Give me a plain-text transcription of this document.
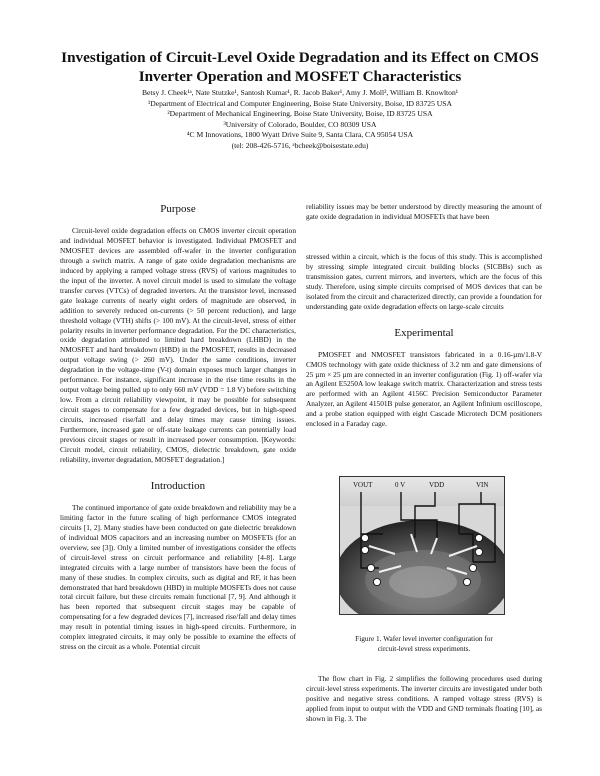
Investigation of Circuit-Level Oxide Degradation and its Effect on CMOS
Inverter Operation and MOSFET Characteristics
Betsy J. Cheek¹ᵃ, Nate Stutzke¹, Santosh Kumar¹, R. Jacob Baker¹, Amy J. Moll², William B. Knowlton¹
¹Department of Electrical and Computer Engineering, Boise State University, Boise, ID 83725 USA
²Department of Mechanical Engineering, Boise State University, Boise, ID 83725 USA
³University of Colorado, Boulder, CO 80309 USA
⁴C M Innovations, 1800 Wyatt Drive Suite 9, Santa Clara, CA 95054 USA
(tel: 208-426-5716, ᵃbcheek@boisestate.edu)
Purpose

Circuit-level oxide degradation effects on CMOS inverter circuit operation and individual MOSFET behavior is investigated. Individual PMOSFET and NMOSFET devices are assembled off-wafer in the inverter configuration through a switch matrix. A range of gate oxide degradation mechanisms are induced by applying a ramped voltage stress (RVS) of various magnitudes to the input of the inverter. A novel circuit model is used to simulate the voltage transfer curves (VTCs) of degraded inverters. At the transistor level, increased gate leakage currents of nearly eight orders of magnitude are observed, in addition to severely reduced on-currents (> 50 percent reduction), and large threshold voltage (VTH) shifts (> 100 mV). At the circuit-level, stress of either polarity results in inverter performance degradation. For the DC characteristics, oxide degradation attributed to limited hard breakdown (LHBD) in the NMOSFET and hard breakdown (HBD) in the PMOSFET, results in decreased output voltage swing (> 260 mV). Under the same conditions, inverter degradation in the voltage-time (V-t) domain exposes much larger changes in performance. For instance, significant increase in the rise time results in the output voltage being pulled up to only 660 mV (VDD = 1.8 V) before switching low. From a circuit reliability viewpoint, it may be possible for subsequent circuit stages to compensate for a few degraded devices, but in high-speed circuits, increased rise/fall and delay times may cause timing issues. Furthermore, increased gate or off-state leakage currents can potentially load previous circuit stages or result in increased power consumption. [Keywords: Circuit model, circuit reliability, CMOS, dielectric breakdown, gate oxide reliability, inverter degradation, MOSFET degradation.]

Introduction

The continued importance of gate oxide breakdown and reliability may be a limiting factor in the future scaling of high performance CMOS integrated circuits [1, 2]. Many studies have been conducted on gate dielectric breakdown of individual MOS capacitors and an increasing number on MOSFETs (for an overview, see [3]). Only a limited number of investigations consider the effects of circuit-level stress on circuit performance and reliability [4-8]. Large integrated circuits with a large number of transistors have been the focus of many of these studies. In complex circuits, such as digital and RF, it has been demonstrated that hard breakdown (HBD) in multiple MOSFETs does not cause total circuit failure, but these circuits remain functional [7, 9]. And although it has been reported that subsequent circuit stages may be capable of compensating for a few degraded devices [7], increased rise/fall and delay times may result in potential timing issues in high-speed circuits. Furthermore, in complex integrated circuits, it may only be possible to examine the effects of stress on the circuit as a whole. Potential circuit

reliability issues may be better understood by directly measuring the amount of gate oxide degradation in individual MOSFETs that have been

stressed within a circuit, which is the focus of this study. This is accomplished by stressing simple integrated circuit building blocks (SICBBs) such as transmission gates, current mirrors, and inverters, which are the focus of this study. Therefore, using simple circuits comprised of MOS devices that can be isolated from the circuit and characterized directly, can provide a foundation for understanding gate oxide degradation effects on large-scale circuits

Experimental

PMOSFET and NMOSFET transistors fabricated in a 0.16-µm/1.8-V CMOS technology with gate oxide thickness of 3.2 nm and gate dimensions of 25 µm × 25 µm are connected in an inverter configuration (Fig. 1) off-wafer via an Agilent E5250A low leakage switch matrix. Characterization and stress tests are performed with an Agilent 4156C Precision Semiconductor Parameter Analyzer, an Agilent 41501B pulse generator, an Agilent Infinium oscilloscope, and a probe station equipped with eight Cascade Microtech DCM positioners enclosed in a Faraday cage.

VOUT	0 V	VDD	VIN
Figure 1. Wafer level inverter configuration for
circuit-level stress experiments.

The flow chart in Fig. 2 simplifies the following procedures used during circuit-level stress experiments. The inverter circuits are investigated under both positive and negative stress conditions. A ramped voltage stress (RVS) is applied from input to output with the VDD and GND terminals floating [10], as shown in Fig. 3. The
